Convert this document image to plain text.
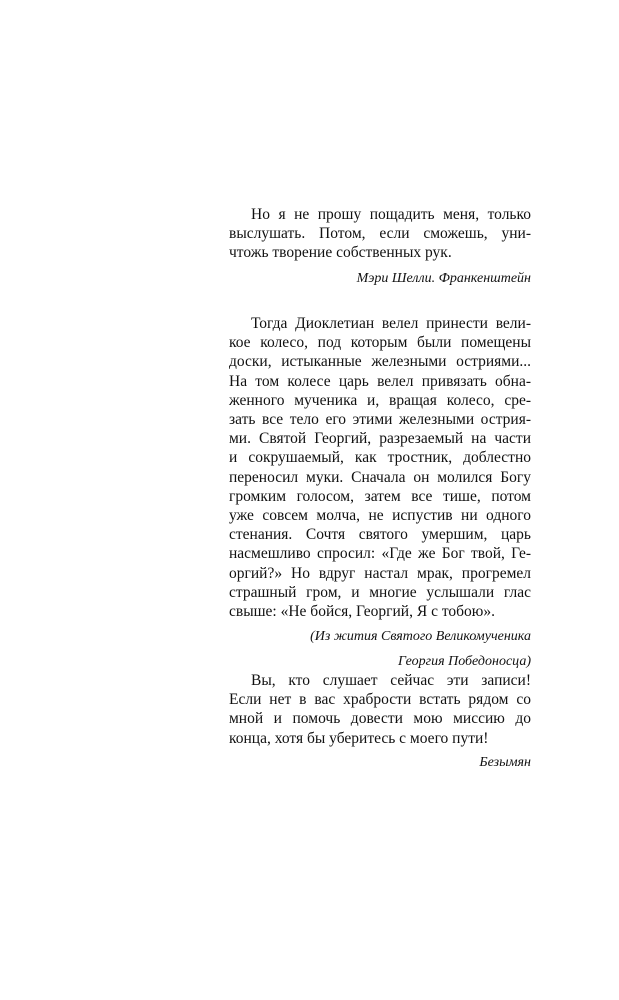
Но я не прошу пощадить меня, только
выслушать. Потом, если сможешь, уни-
чтожь творение собственных рук.
Мэри Шелли. Франкенштейн
Тогда Диоклетиан велел принести вели-
кое колесо, под которым были помещены
доски, истыканные железными остриями...
На том колесе царь велел привязать обна-
женного мученика и, вращая колесо, сре-
зать все тело его этими железными острия-
ми. Святой Георгий, разрезаемый на части
и сокрушаемый, как тростник, доблестно
переносил муки. Сначала он молился Богу
громким голосом, затем все тише, потом
уже совсем молча, не испустив ни одного
стенания. Сочтя святого умершим, царь
насмешливо спросил: «Где же Бог твой, Ге-
оргий?» Но вдруг настал мрак, прогремел
страшный гром, и многие услышали глас
свыше: «Не бойся, Георгий, Я с тобою».
(Из жития Святого Великомученика
Георгия Победоносца)
Вы, кто слушает сейчас эти записи!
Если нет в вас храбрости встать рядом со
мной и помочь довести мою миссию до
конца, хотя бы уберитесь с моего пути!
Безымян
